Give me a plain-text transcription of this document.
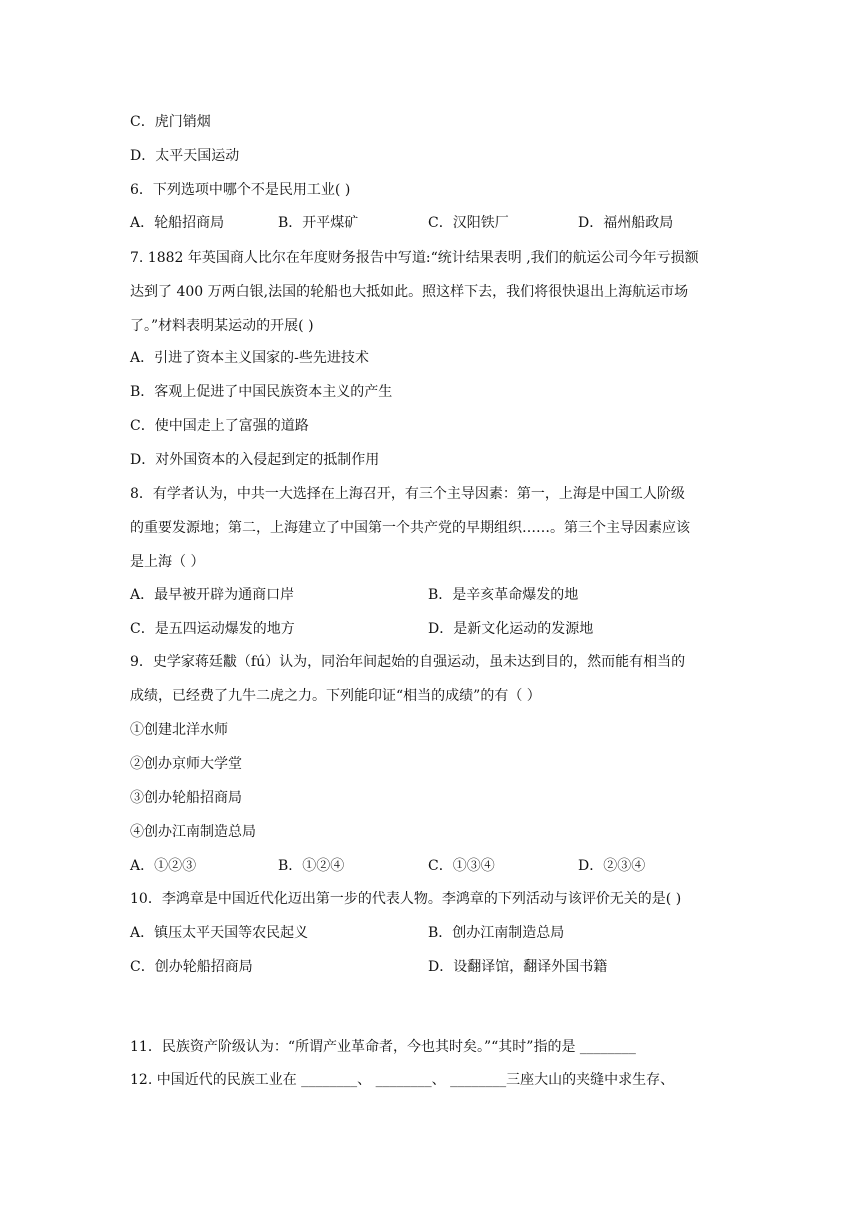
C．虎门销烟
D．太平天国运动
6．下列选项中哪个不是民用工业( )
A．轮船招商局	B．开平煤矿	C．汉阳铁厂	D．福州船政局
7. 1882 年英国商人比尔在年度财务报告中写道:“统计结果表明 ,我们的航运公司今年亏损额
达到了 400 万两白银,法国的轮船也大抵如此。照这样下去，我们将很快退出上海航运市场
了。”材料表明某运动的开展( )
A．引进了资本主义国家的-些先进技术
B．客观上促进了中国民族资本主义的产生
C．使中国走上了富强的道路
D．对外国资本的入侵起到定的抵制作用
8．有学者认为，中共一大选择在上海召开，有三个主导因素：第一，上海是中国工人阶级
的重要发源地；第二，上海建立了中国第一个共产党的早期组织……。第三个主导因素应该
是上海（ ）
A．最早被开辟为通商口岸	B．是辛亥革命爆发的地
C．是五四运动爆发的地方	D．是新文化运动的发源地
9．史学家蒋廷黻（fú）认为，同治年间起始的自强运动，虽未达到目的，然而能有相当的
成绩，已经费了九牛二虎之力。下列能印证“相当的成绩”的有（ ）
①创建北洋水师
②创办京师大学堂
③创办轮船招商局
④创办江南制造总局
A．①②③	B．①②④	C．①③④	D．②③④
10．李鸿章是中国近代化迈出第一步的代表人物。李鸿章的下列活动与该评价无关的是( )
A．镇压太平天国等农民起义	B．创办江南制造总局
C．创办轮船招商局	D．设翻译馆，翻译外国书籍
11．民族资产阶级认为：“所谓产业革命者，今也其时矣。”“其时”指的是 ________
12. 中国近代的民族工业在 ________、 ________、 ________三座大山的夹缝中求生存、
